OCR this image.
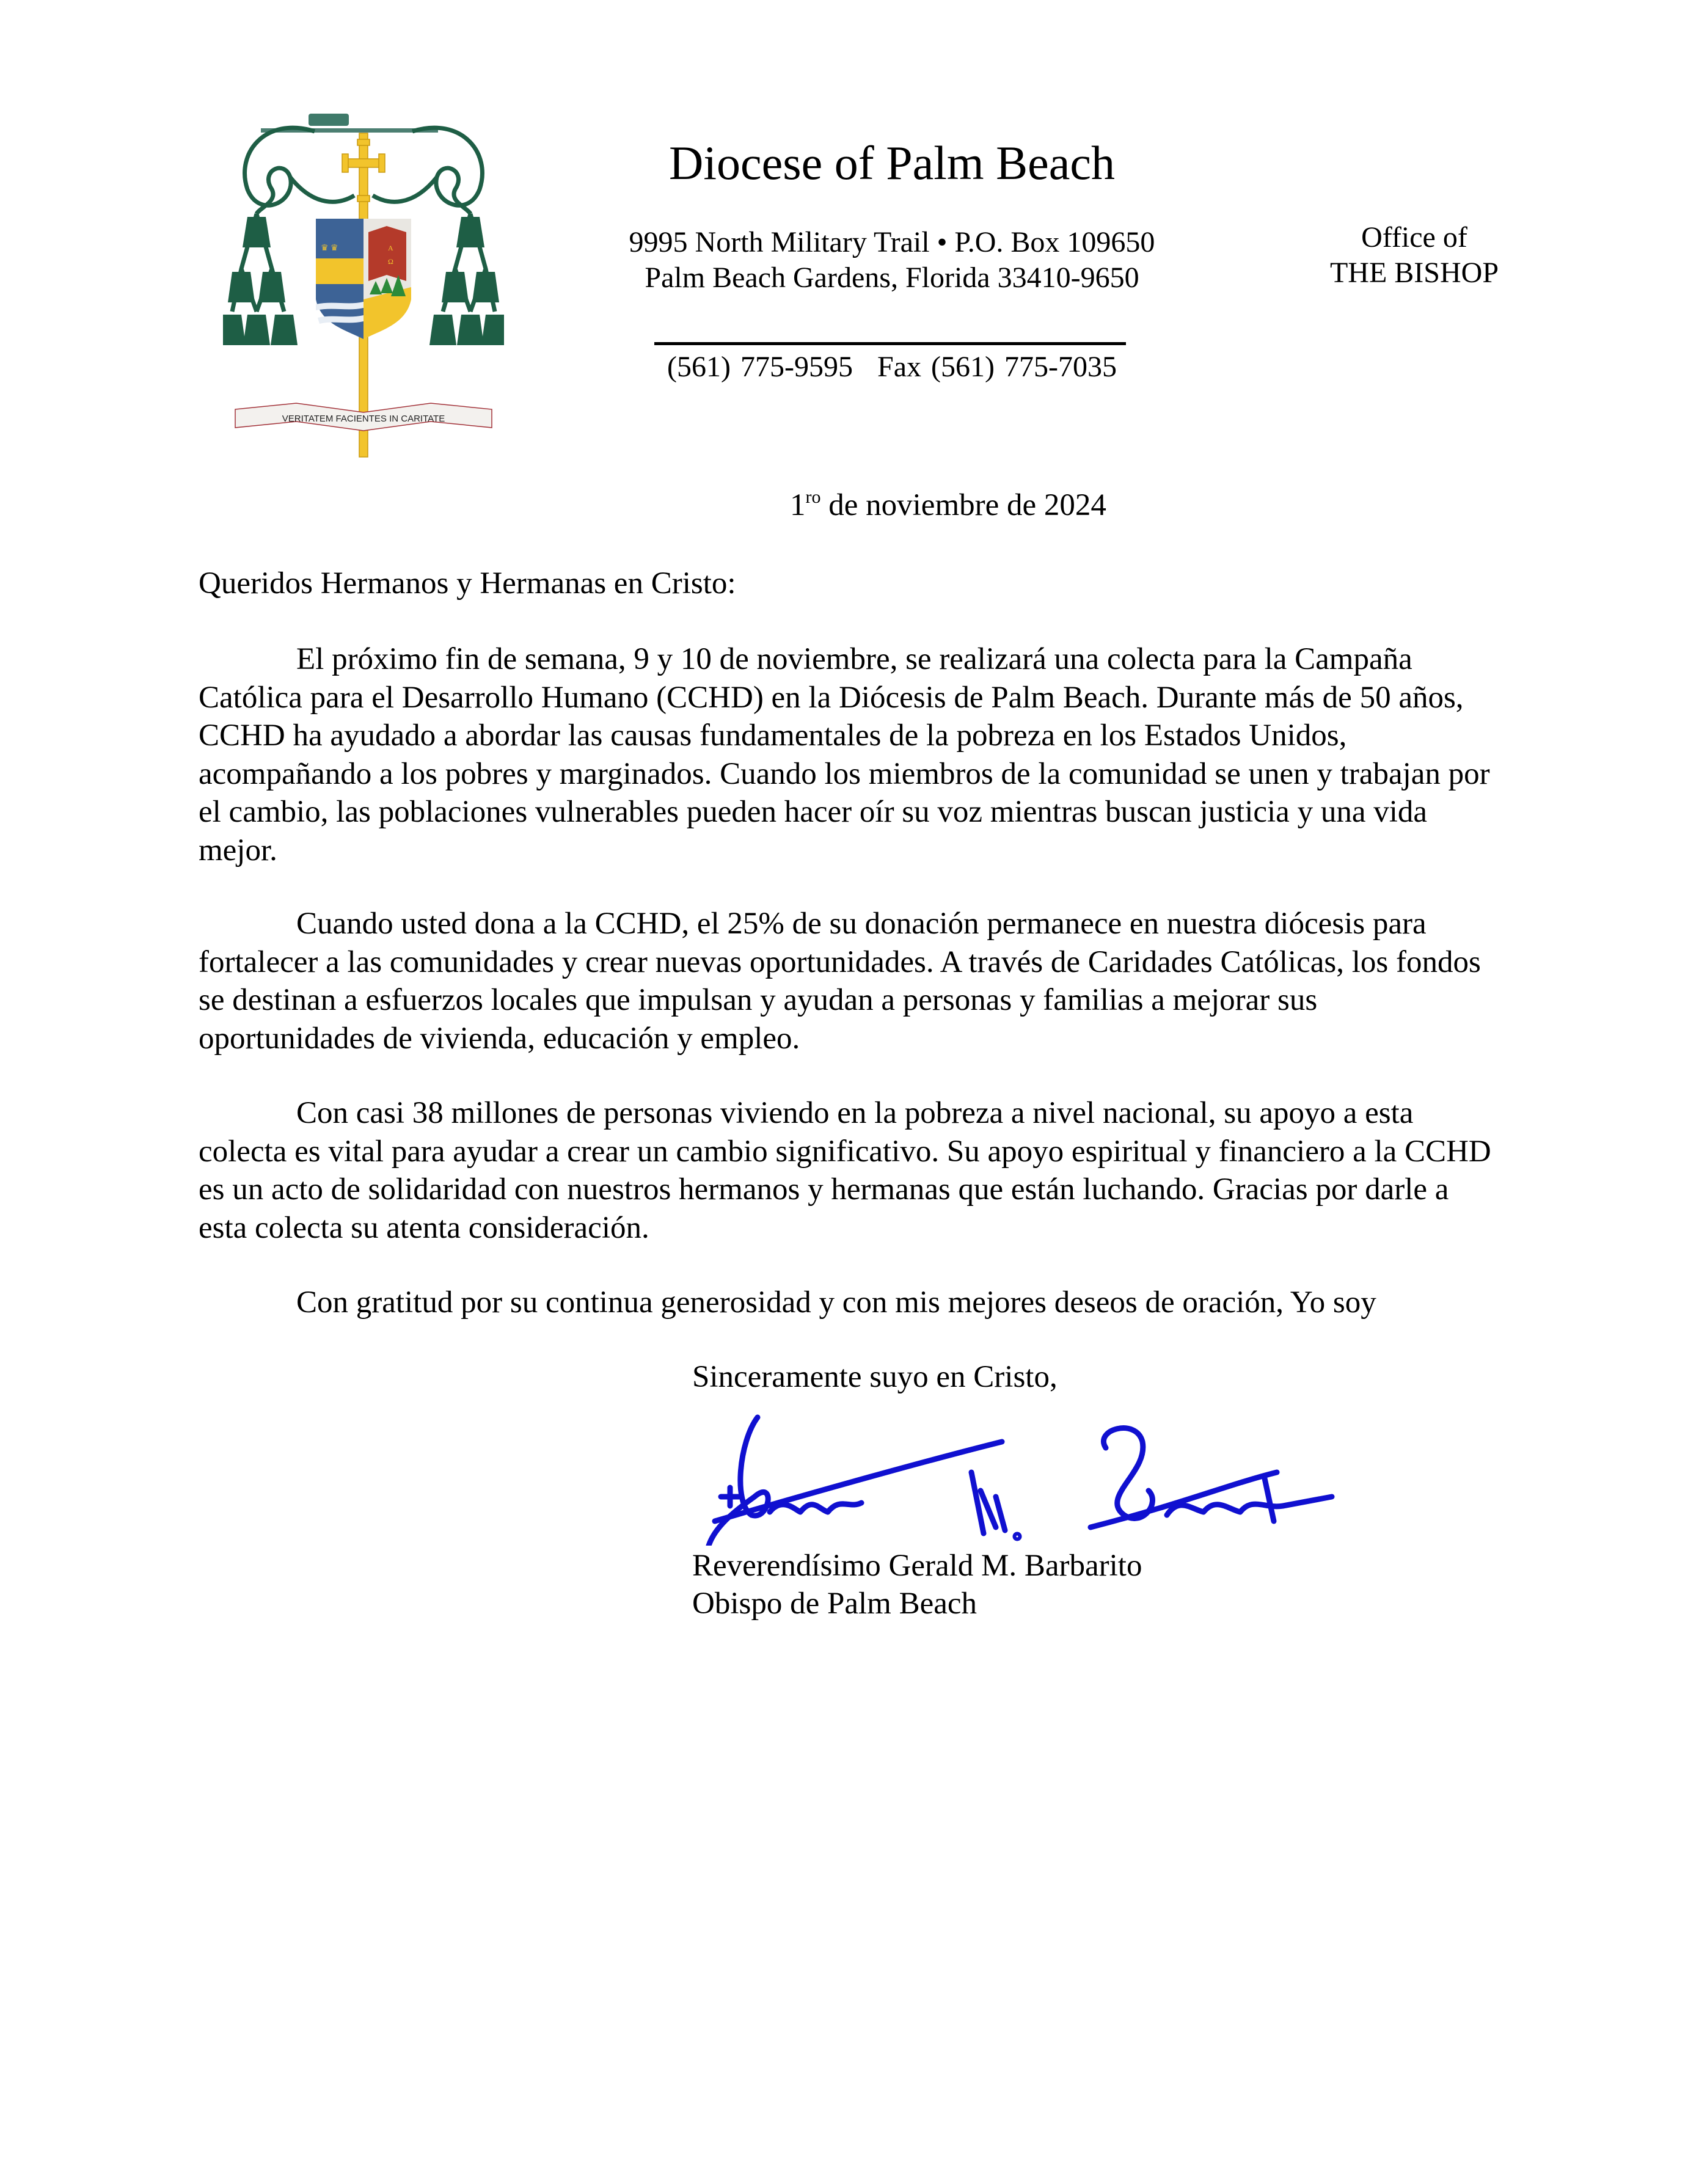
♛ ♛	Α
Ω
VERITATEM FACIENTES IN CARITATE
Diocese of Palm Beach
9995 North Military Trail • P.O. Box 109650
Palm Beach Gardens, Florida 33410-9650
(561) 775-9595 Fax (561) 775-7035
Office of
THE BISHOP
$1^{ro}$ de noviembre de 2024
Queridos Hermanos y Hermanas en Cristo:

El próximo fin de semana, 9 y 10 de noviembre, se realizará una colecta para la Campaña Católica para el Desarrollo Humano (CCHD) en la Diócesis de Palm Beach. Durante más de 50 años, CCHD ha ayudado a abordar las causas fundamentales de la pobreza en los Estados Unidos, acompañando a los pobres y marginados. Cuando los miembros de la comunidad se unen y trabajan por el cambio, las poblaciones vulnerables pueden hacer oír su voz mientras buscan justicia y una vida mejor.

Cuando usted dona a la CCHD, el 25% de su donación permanece en nuestra diócesis para fortalecer a las comunidades y crear nuevas oportunidades. A través de Caridades Católicas, los fondos se destinan a esfuerzos locales que impulsan y ayudan a personas y familias a mejorar sus oportunidades de vivienda, educación y empleo.

Con casi 38 millones de personas viviendo en la pobreza a nivel nacional, su apoyo a esta colecta es vital para ayudar a crear un cambio significativo. Su apoyo espiritual y financiero a la CCHD es un acto de solidaridad con nuestros hermanos y hermanas que están luchando. Gracias por darle a esta colecta su atenta consideración.

Con gratitud por su continua generosidad y con mis mejores deseos de oración, Yo soy

Sinceramente suyo en Cristo,
Reverendísimo Gerald M. Barbarito
Obispo de Palm Beach
